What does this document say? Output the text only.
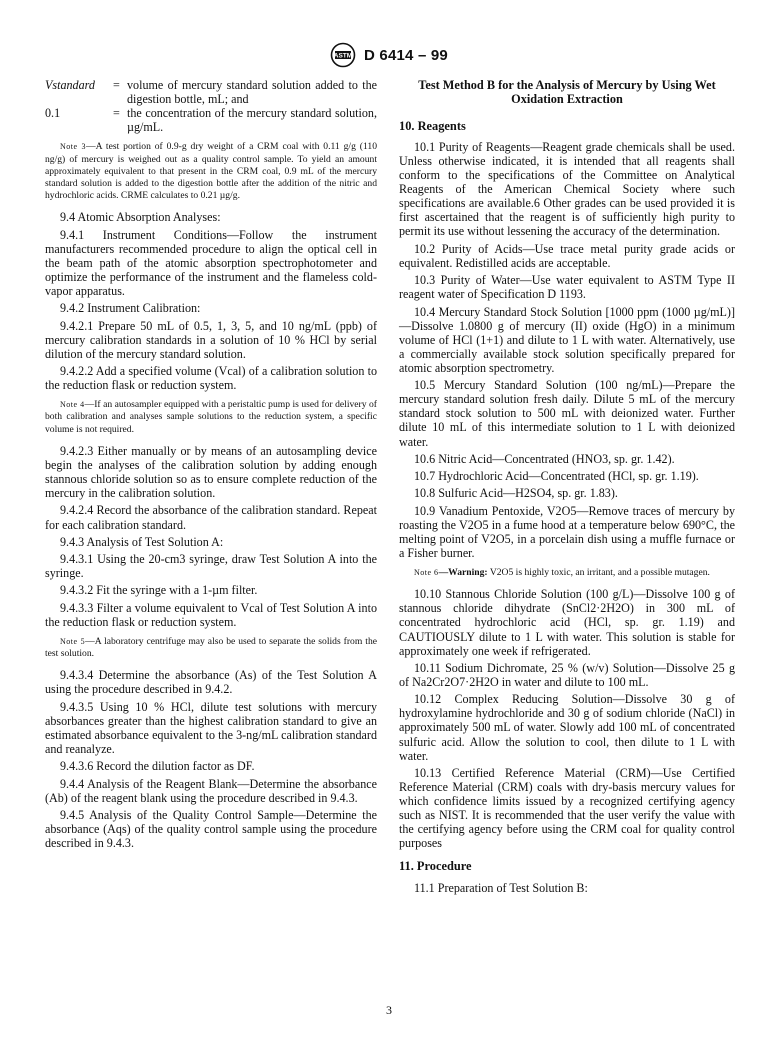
ASTM D 6414 – 99
Vstandard	= volume of mercury standard solution added to the digestion bottle, mL; and
0.1	= the concentration of the mercury standard solution, µg/mL.

Note 3—A test portion of 0.9-g dry weight of a CRM coal with 0.11 g/g (110 ng/g) of mercury is weighed out as a quality control sample. To yield an amount approximately equivalent to that present in the CRM coal, 0.9 mL of the mercury standard solution is added to the digestion bottle after the addition of the nitric and hydrochloric acids. CRME calculates to 0.21 µg/g.

9.4 Atomic Absorption Analyses:

9.4.1 Instrument Conditions—Follow the instrument manufacturers recommended procedure to align the optical cell in the beam path of the atomic absorption spectrophotometer and optimize the performance of the instrument and the flameless cold-vapor apparatus.

9.4.2 Instrument Calibration:

9.4.2.1 Prepare 50 mL of 0.5, 1, 3, 5, and 10 ng/mL (ppb) of mercury calibration standards in a solution of 10 % HCl by serial dilution of the mercury standard solution.

9.4.2.2 Add a specified volume (Vcal) of a calibration solution to the reduction flask or reduction system.

Note 4—If an autosampler equipped with a peristaltic pump is used for delivery of both calibration and analyses sample solutions to the reduction system, a specific volume is not required.

9.4.2.3 Either manually or by means of an autosampling device begin the analyses of the calibration solution by adding enough stannous chloride solution so as to ensure complete reduction of the mercury in the calibration solution.

9.4.2.4 Record the absorbance of the calibration standard. Repeat for each calibration standard.

9.4.3 Analysis of Test Solution A:

9.4.3.1 Using the 20-cm3 syringe, draw Test Solution A into the syringe.

9.4.3.2 Fit the syringe with a 1-µm filter.

9.4.3.3 Filter a volume equivalent to Vcal of Test Solution A into the reduction flask or reduction system.

Note 5—A laboratory centrifuge may also be used to separate the solids from the test solution.

9.4.3.4 Determine the absorbance (As) of the Test Solution A using the procedure described in 9.4.2.

9.4.3.5 Using 10 % HCl, dilute test solutions with mercury absorbances greater than the highest calibration standard to give an estimated absorbance equivalent to the 3-ng/mL calibration standard and reanalyze.

9.4.3.6 Record the dilution factor as DF.

9.4.4 Analysis of the Reagent Blank—Determine the absorbance (Ab) of the reagent blank using the procedure described in 9.4.3.

9.4.5 Analysis of the Quality Control Sample—Determine the absorbance (Aqs) of the quality control sample using the procedure described in 9.4.3.

Test Method B for the Analysis of Mercury by Using Wet Oxidation Extraction

10. Reagents

10.1 Purity of Reagents—Reagent grade chemicals shall be used. Unless otherwise indicated, it is intended that all reagents shall conform to the specifications of the Committee on Analytical Reagents of the American Chemical Society where such specifications are available.6 Other grades can be used provided it is first ascertained that the reagent is of sufficiently high purity to permit its use without lessening the accuracy of the determination.

10.2 Purity of Acids—Use trace metal purity grade acids or equivalent. Redistilled acids are acceptable.

10.3 Purity of Water—Use water equivalent to ASTM Type II reagent water of Specification D 1193.

10.4 Mercury Standard Stock Solution [1000 ppm (1000 µg/mL)]—Dissolve 1.0800 g of mercury (II) oxide (HgO) in a minimum volume of HCl (1+1) and dilute to 1 L with water. Alternatively, use a commercially available stock solution specifically prepared for atomic absorption spectrometry.

10.5 Mercury Standard Solution (100 ng/mL)—Prepare the mercury standard solution fresh daily. Dilute 5 mL of the mercury standard stock solution to 500 mL with deionized water. Further dilute 10 mL of this intermediate solution to 1 L with deionized water.

10.6 Nitric Acid—Concentrated (HNO3, sp. gr. 1.42).

10.7 Hydrochloric Acid—Concentrated (HCl, sp. gr. 1.19).

10.8 Sulfuric Acid—H2SO4, sp. gr. 1.83).

10.9 Vanadium Pentoxide, V2O5—Remove traces of mercury by roasting the V2O5 in a fume hood at a temperature below 690°C, the melting point of V2O5, in a porcelain dish using a muffle furnace or a Fisher burner.

Note 6—Warning: V2O5 is highly toxic, an irritant, and a possible mutagen.

10.10 Stannous Chloride Solution (100 g/L)—Dissolve 100 g of stannous chloride dihydrate (SnCl2·2H2O) in 300 mL of concentrated hydrochloric acid (HCl, sp. gr. 1.19) and CAUTIOUSLY dilute to 1 L with water. This solution is stable for approximately one week if refrigerated.

10.11 Sodium Dichromate, 25 % (w/v) Solution—Dissolve 25 g of Na2Cr2O7·2H2O in water and dilute to 100 mL.

10.12 Complex Reducing Solution—Dissolve 30 g of hydroxylamine hydrochloride and 30 g of sodium chloride (NaCl) in approximately 500 mL of water. Slowly add 100 mL of concentrated sulfuric acid. Allow the solution to cool, then dilute to 1 L with water.

10.13 Certified Reference Material (CRM)—Use Certified Reference Material (CRM) coals with dry-basis mercury values for which confidence limits issued by a recognized certifying agency such as NIST. It is recommended that the user verify the value with the certifying agency before using the CRM coal for quality control purposes

11. Procedure

11.1 Preparation of Test Solution B:

3
